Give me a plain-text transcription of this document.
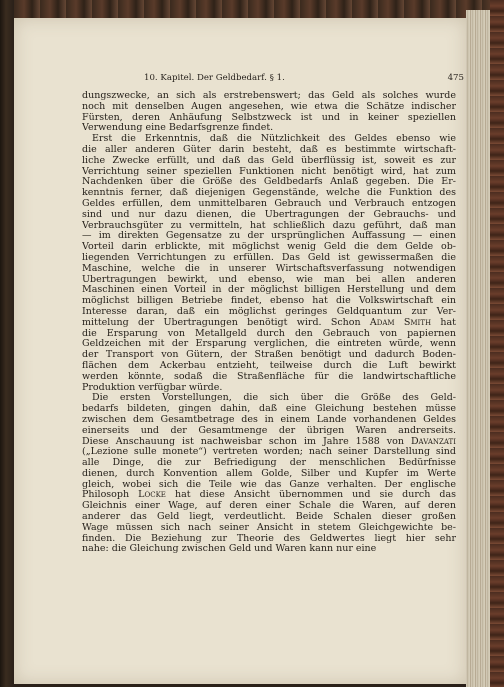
10. Kapitel. Der Geldbedarf. § 1.	475
dungszwecke, an sich als erstrebenswert; das Geld als solches wurde
noch mit denselben Augen angesehen, wie etwa die Schätze indischer
Fürsten, deren Anhäufung Selbstzweck ist und in keiner speziellen
Verwendung eine Bedarfsgrenze findet.
Erst die Erkenntnis, daß die Nützlichkeit des Geldes ebenso wie
die aller anderen Güter darin besteht, daß es bestimmte wirtschaft-
liche Zwecke erfüllt, und daß das Geld überflüssig ist, soweit es zur
Verrichtung seiner speziellen Funktionen nicht benötigt wird, hat zum
Nachdenken über die Größe des Geldbedarfs Anlaß gegeben. Die Er-
kenntnis ferner, daß diejenigen Gegenstände, welche die Funktion des
Geldes erfüllen, dem unmittelbaren Gebrauch und Verbrauch entzogen
sind und nur dazu dienen, die Übertragungen der Gebrauchs- und
Verbrauchsgüter zu vermitteln, hat schließlich dazu geführt, daß man
— im direkten Gegensatze zu der ursprünglichen Auffassung — einen
Vorteil darin erblickte, mit möglichst wenig Geld die dem Gelde ob-
liegenden Verrichtungen zu erfüllen. Das Geld ist gewissermaßen die
Maschine, welche die in unserer Wirtschaftsverfassung notwendigen
Übertragungen bewirkt, und ebenso, wie man bei allen anderen
Maschinen einen Vorteil in der möglichst billigen Herstellung und dem
möglichst billigen Betriebe findet, ebenso hat die Volkswirtschaft ein
Interesse daran, daß ein möglichst geringes Geldquantum zur Ver-
mittelung der Übertragungen benötigt wird. Schon Adam Smith hat
die Ersparung von Metallgeld durch den Gebrauch von papiernen
Geldzeichen mit der Ersparung verglichen, die eintreten würde, wenn
der Transport von Gütern, der Straßen benötigt und dadurch Boden-
flächen dem Ackerbau entzieht, teilweise durch die Luft bewirkt
werden könnte, sodaß die Straßenfläche für die landwirtschaftliche
Produktion verfügbar würde.
Die ersten Vorstellungen, die sich über die Größe des Geld-
bedarfs bildeten, gingen dahin, daß eine Gleichung bestehen müsse
zwischen dem Gesamtbetrage des in einem Lande vorhandenen Geldes
einerseits und der Gesamtmenge der übrigen Waren andrerseits.
Diese Anschauung ist nachweisbar schon im Jahre 1588 von Davanzati
(„Lezione sulle monete“) vertreten worden; nach seiner Darstellung sind
alle Dinge, die zur Befriedigung der menschlichen Bedürfnisse
dienen, durch Konvention allem Golde, Silber und Kupfer im Werte
gleich, wobei sich die Teile wie das Ganze verhalten. Der englische
Philosoph Locke hat diese Ansicht übernommen und sie durch das
Gleichnis einer Wage, auf deren einer Schale die Waren, auf deren
anderer das Geld liegt, verdeutlicht. Beide Schalen dieser großen
Wage müssen sich nach seiner Ansicht in stetem Gleichgewichte be-
finden. Die Beziehung zur Theorie des Geldwertes liegt hier sehr
nahe: die Gleichung zwischen Geld und Waren kann nur eine
